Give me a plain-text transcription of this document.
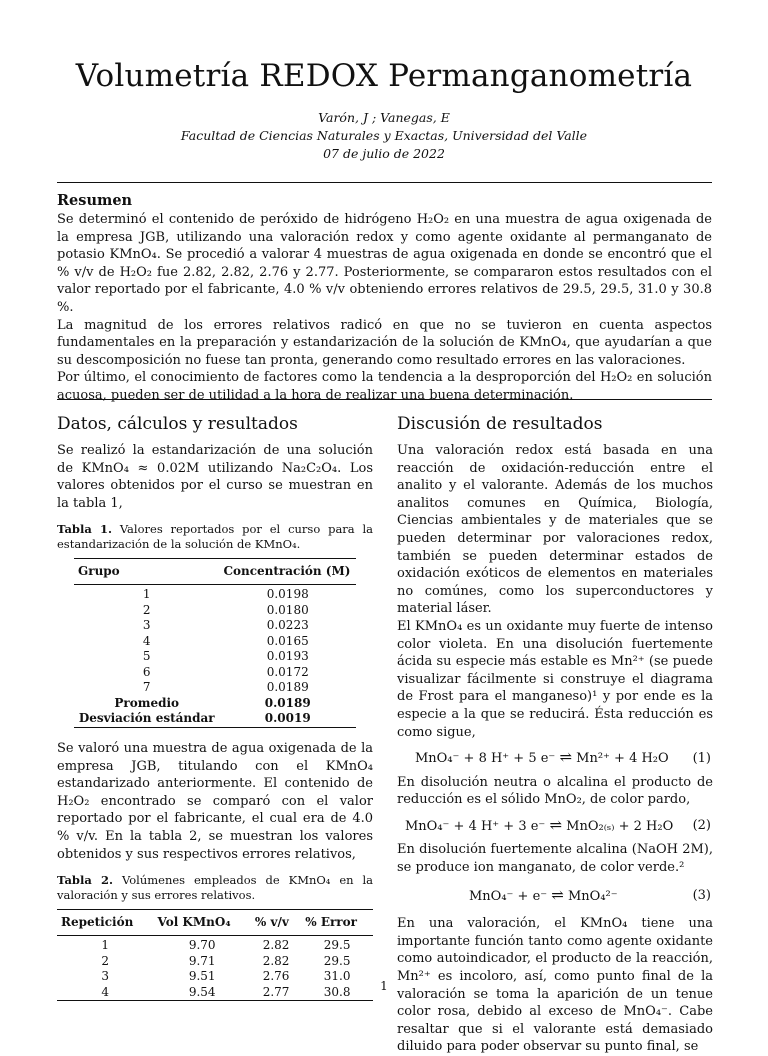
Volumetría REDOX Permanganometría
Varón, J ; Vanegas, E
Facultad de Ciencias Naturales y Exactas, Universidad del Valle
07 de julio de 2022
Resumen

Se determinó el contenido de peróxido de hidrógeno H₂O₂ en una muestra de agua oxigenada de la empresa JGB, utilizando una valoración redox y como agente oxidante al permanganato de potasio KMnO₄. Se procedió a valorar 4 muestras de agua oxigenada en donde se encontró que el % v/v de H₂O₂ fue 2.82, 2.82, 2.76 y 2.77. Posteriormente, se compararon estos resultados con el valor reportado por el fabricante, 4.0 % v/v obteniendo errores relativos de 29.5, 29.5, 31.0 y 30.8 %.

La magnitud de los errores relativos radicó en que no se tuvieron en cuenta aspectos fundamentales en la preparación y estandarización de la solución de KMnO₄, que ayudarían a que su descomposición no fuese tan pronta, generando como resultado errores en las valoraciones.

Por último, el conocimiento de factores como la tendencia a la desproporción del H₂O₂ en solución acuosa, pueden ser de utilidad a la hora de realizar una buena determinación.

Datos, cálculos y resultados

Se realizó la estandarización de una solución de KMnO₄ ≈ 0.02M utilizando Na₂C₂O₄. Los valores obtenidos por el curso se muestran en la tabla 1,

Tabla 1. Valores reportados por el curso para la estandarización de la solución de KMnO₄.
Grupo	Concentración (M)

1	0.0198
2	0.0180
3	0.0223
4	0.0165
5	0.0193
6	0.0172
7	0.0189
Promedio	0.0189
Desviación estándar	0.0019

Se valoró una muestra de agua oxigenada de la empresa JGB, titulando con el KMnO₄ estandarizado anteriormente. El contenido de H₂O₂ encontrado se comparó con el valor reportado por el fabricante, el cual era de 4.0 % v/v. En la tabla 2, se muestran los valores obtenidos y sus respectivos errores relativos,

Tabla 2. Volúmenes empleados de KMnO₄ en la valoración y sus errores relativos.
Repetición	Vol KMnO₄	% v/v	% Error

1	9.70	2.82	29.5
2	9.71	2.82	29.5
3	9.51	2.76	31.0
4	9.54	2.77	30.8
Discusión de resultados

Una valoración redox está basada en una reacción de oxidación-reducción entre el analito y el valorante. Además de los muchos analitos comunes en Química, Biología, Ciencias ambientales y de materiales que se pueden determinar por valoraciones redox, también se pueden determinar estados de oxidación exóticos de elementos en materiales no comúnes, como los superconductores y material láser.

El KMnO₄ es un oxidante muy fuerte de intenso color violeta. En una disolución fuertemente ácida su especie más estable es Mn²⁺ (se puede visualizar fácilmente si construye el diagrama de Frost para el manganeso)¹ y por ende es la especie a la que se reducirá. Ésta reducción es como sigue,

MnO₄⁻ + 8 H⁺ + 5 e⁻ ⇌ Mn²⁺ + 4 H₂O (1)

En disolución neutra o alcalina el producto de reducción es el sólido MnO₂, de color pardo,

MnO₄⁻ + 4 H⁺ + 3 e⁻ ⇌ MnO₂₍ₛ₎ + 2 H₂O (2)

En disolución fuertemente alcalina (NaOH 2M), se produce ion manganato, de color verde.²

MnO₄⁻ + e⁻ ⇌ MnO₄²⁻	(3)

En una valoración, el KMnO₄ tiene una importante función tanto como agente oxidante como autoindicador, el producto de la reacción, Mn²⁺ es incoloro, así, como punto final de la valoración se toma la aparición de un tenue color rosa, debido al exceso de MnO₄⁻. Cabe resaltar que si el valorante está demasiado diluido para poder observar su punto final, se

1
